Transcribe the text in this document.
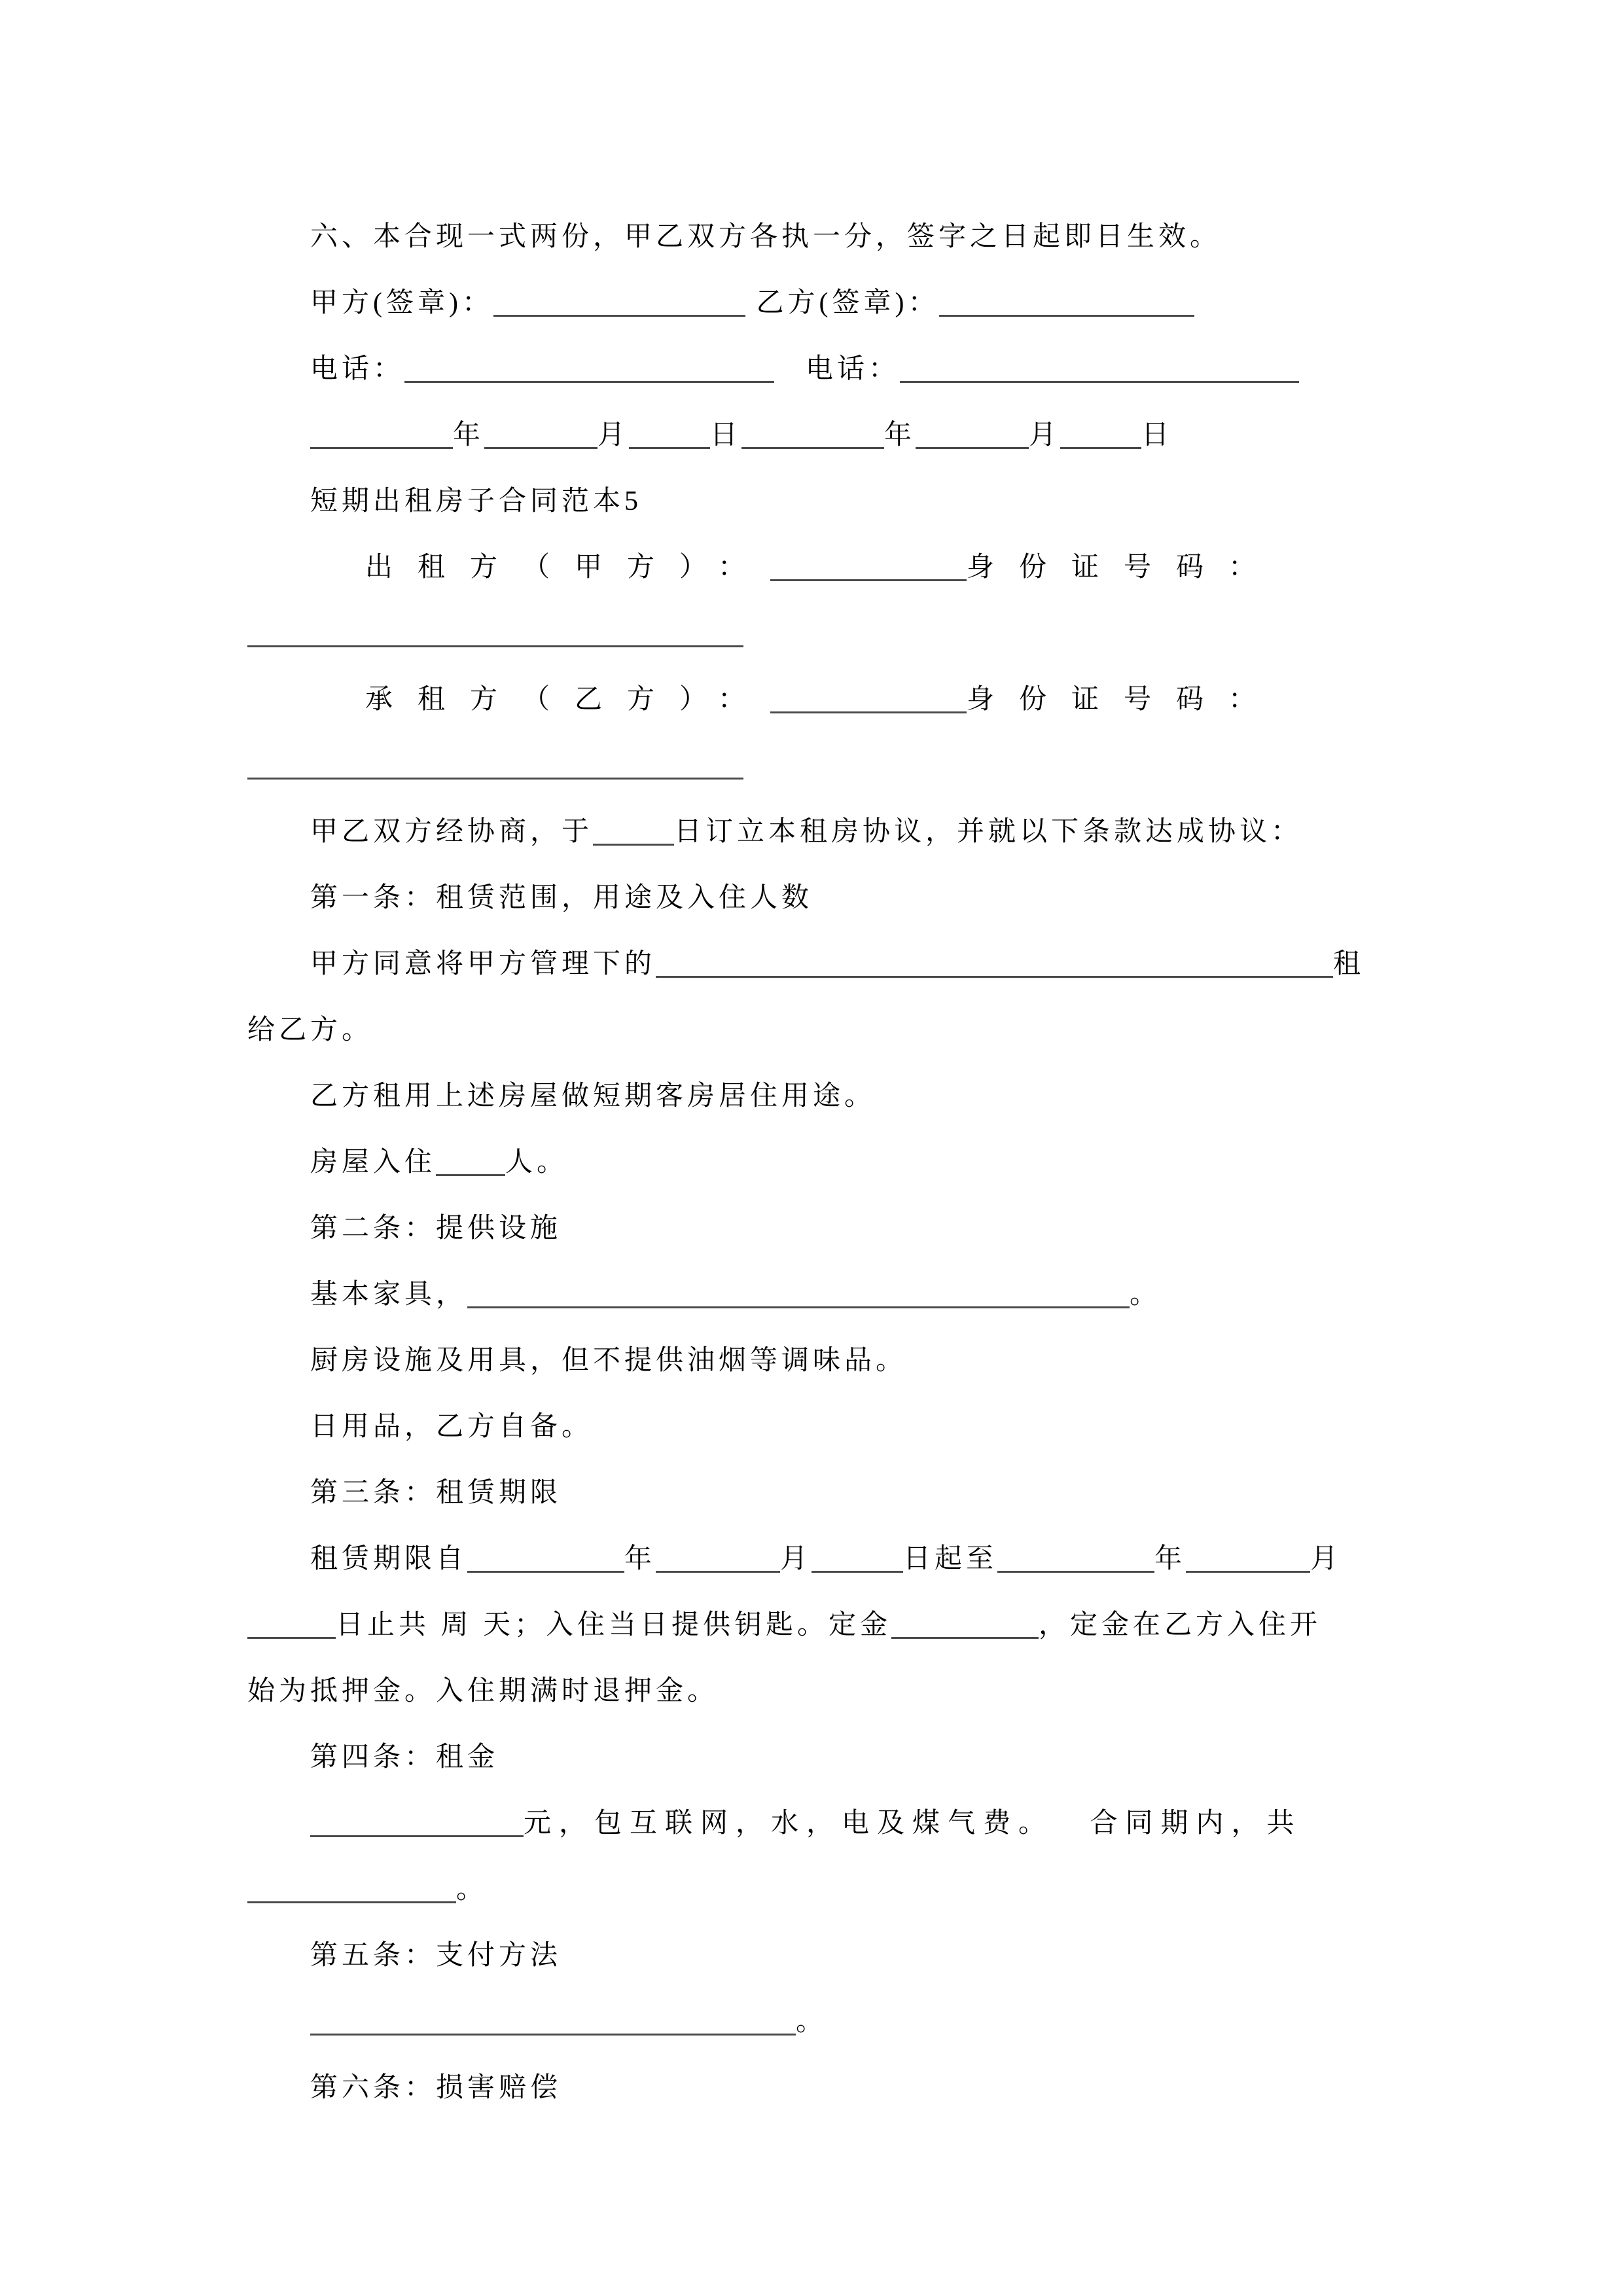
六、本合现一式两份，甲乙双方各执一分，签字之日起即日生效。
甲方(签章)：	乙方(签章)：
电话：	　电话：
年	月	日	年	月	日
短期出租房子合同范本5
出租方（甲方）：	身份证号码：
承租方（乙方）：	身份证号码：
甲乙双方经协商，于	日订立本租房协议，并就以下条款达成协议：
第一条：租赁范围，用途及入住人数
甲方同意将甲方管理下的	租
给乙方。
乙方租用上述房屋做短期客房居住用途。
房屋入住	人。
第二条：提供设施
基本家具，	。
厨房设施及用具，但不提供油烟等调味品。
日用品，乙方自备。
第三条：租赁期限
租赁期限自	年	月	日起至	年	月
日止共 周 天；入住当日提供钥匙。定金	，定金在乙方入住开
始为抵押金。入住期满时退押金。
第四条：租金
元，包互联网，水，电及煤气费。　 合同期内，共
。
第五条：支付方法
。
第六条：损害赔偿
